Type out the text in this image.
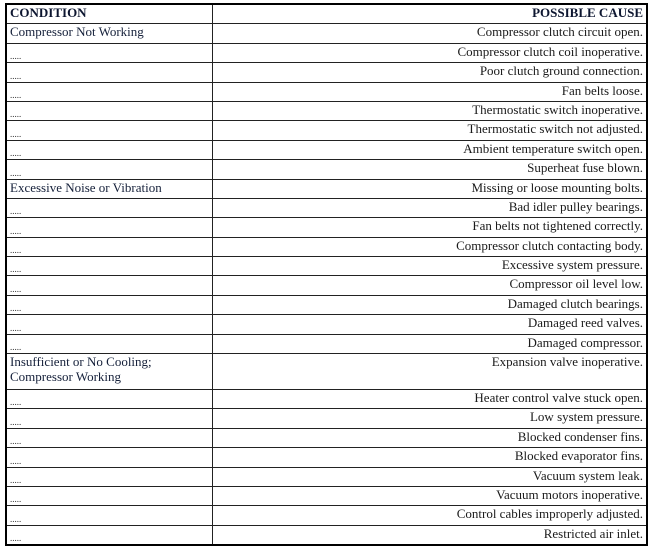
CONDITION	POSSIBLE CAUSE
Compressor Not Working	Compressor clutch circuit open.
.....	Compressor clutch coil inoperative.
.....	Poor clutch ground connection.
.....	Fan belts loose.
.....	Thermostatic switch inoperative.
.....	Thermostatic switch not adjusted.
.....	Ambient temperature switch open.
.....	Superheat fuse blown.
Excessive Noise or Vibration	Missing or loose mounting bolts.
.....	Bad idler pulley bearings.
.....	Fan belts not tightened correctly.
.....	Compressor clutch contacting body.
.....	Excessive system pressure.
.....	Compressor oil level low.
.....	Damaged clutch bearings.
.....	Damaged reed valves.
.....	Damaged compressor.
Insufficient or No Cooling; Compressor Working	Expansion valve inoperative.
.....	Heater control valve stuck open.
.....	Low system pressure.
.....	Blocked condenser fins.
.....	Blocked evaporator fins.
.....	Vacuum system leak.
.....	Vacuum motors inoperative.
.....	Control cables improperly adjusted.
.....	Restricted air inlet.
